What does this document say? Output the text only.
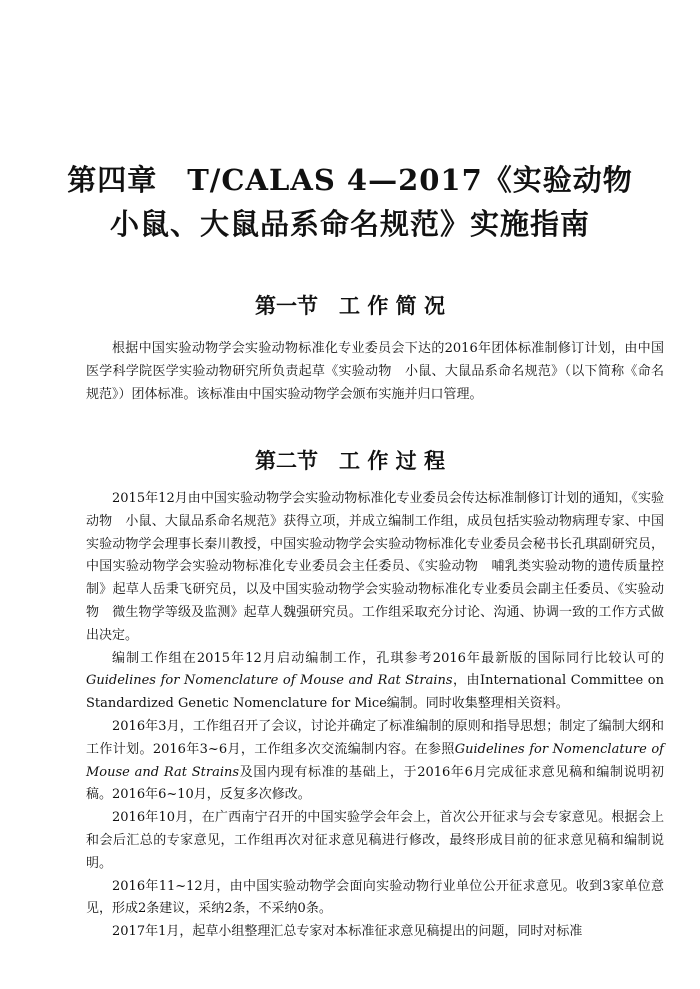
第四章　T/CALAS 4—2017《实验动物
小鼠、大鼠品系命名规范》实施指南
第一节　工 作 简 况

根据中国实验动物学会实验动物标准化专业委员会下达的2016年团体标准制修订计划，由中国医学科学院医学实验动物研究所负责起草《实验动物　小鼠、大鼠品系命名规范》（以下简称《命名规范》）团体标准。该标准由中国实验动物学会颁布实施并归口管理。

第二节　工 作 过 程

2015年12月由中国实验动物学会实验动物标准化专业委员会传达标准制修订计划的通知，《实验动物　小鼠、大鼠品系命名规范》获得立项，并成立编制工作组，成员包括实验动物病理专家、中国实验动物学会理事长秦川教授，中国实验动物学会实验动物标准化专业委员会秘书长孔琪副研究员，中国实验动物学会实验动物标准化专业委员会主任委员、《实验动物　哺乳类实验动物的遗传质量控制》起草人岳秉飞研究员，以及中国实验动物学会实验动物标准化专业委员会副主任委员、《实验动物　微生物学等级及监测》起草人魏强研究员。工作组采取充分讨论、沟通、协调一致的工作方式做出决定。

编制工作组在2015年12月启动编制工作，孔琪参考2016年最新版的国际同行比较认可的Guidelines for Nomenclature of Mouse and Rat Strains，由International Committee on Standardized Genetic Nomenclature for Mice编制。同时收集整理相关资料。

2016年3月，工作组召开了会议，讨论并确定了标准编制的原则和指导思想；制定了编制大纲和工作计划。2016年3~6月，工作组多次交流编制内容。在参照Guidelines for Nomenclature of Mouse and Rat Strains及国内现有标准的基础上，于2016年6月完成征求意见稿和编制说明初稿。2016年6~10月，反复多次修改。

2016年10月，在广西南宁召开的中国实验学会年会上，首次公开征求与会专家意见。根据会上和会后汇总的专家意见，工作组再次对征求意见稿进行修改，最终形成目前的征求意见稿和编制说明。

2016年11~12月，由中国实验动物学会面向实验动物行业单位公开征求意见。收到3家单位意见，形成2条建议，采纳2条，不采纳0条。

2017年1月，起草小组整理汇总专家对本标准征求意见稿提出的问题，同时对标准
